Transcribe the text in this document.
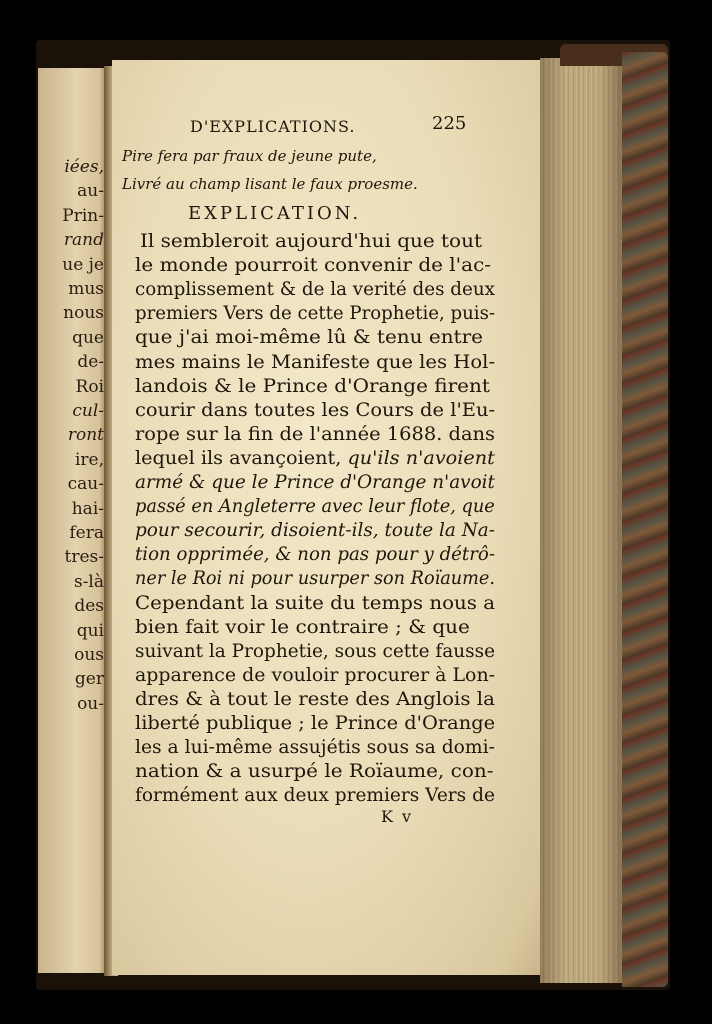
iées,
au-
Prin-
rand
ue je
mus
nous
que
de-
Roi
cul-
ront
ire,
cau-
hai-
fera
tres-
s-là
des
qui
ous
ger
ou-
D'EXPLICATIONS.	225
Pire fera par fraux de jeune pute,
Livré au champ lisant le faux proesme.
EXPLICATION.
Il sembleroit aujourd'hui que tout
le monde pourroit convenir de l'ac-
complissement & de la verité des deux
premiers Vers de cette Prophetie, puis-
que j'ai moi-même lû & tenu entre
mes mains le Manifeste que les Hol-
landois & le Prince d'Orange firent
courir dans toutes les Cours de l'Eu-
rope sur la fin de l'année 1688. dans
lequel ils avançoient, qu'ils n'avoient
armé & que le Prince d'Orange n'avoit
passé en Angleterre avec leur flote, que
pour secourir, disoient-ils, toute la Na-
tion opprimée, & non pas pour y détrô-
ner le Roi ni pour usurper son Roïaume.
Cependant la suite du temps nous a
bien fait voir le contraire ; & que
suivant la Prophetie, sous cette fausse
apparence de vouloir procurer à Lon-
dres & à tout le reste des Anglois la
liberté publique ; le Prince d'Orange
les a lui-même assujétis sous sa domi-
nation & a usurpé le Roïaume, con-
formément aux deux premiers Vers de
K v
